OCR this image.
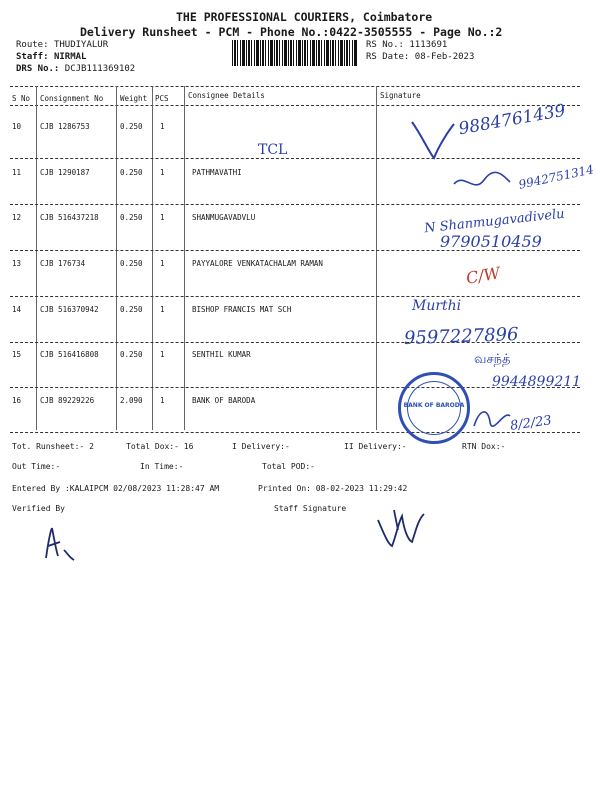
THE PROFESSIONAL COURIERS, Coimbatore
Delivery Runsheet - PCM - Phone No.:0422-3505555 - Page No.:2
Route: THUDIYALUR
Staff: NIRMAL
DRS No.: DCJB111369102
RS No.: 1113691
RS Date: 08-Feb-2023
S No Consignment No Weight PCS	Consignee Details	Signature
10	CJB 1286753	0.250 1
11	CJB 1290187	0.250 1	PATHMAVATHI
12	CJB 516437218	0.250 1	SHANMUGAVADVLU
13	CJB 176734	0.250 1	PAYYALORE VENKATACHALAM RAMAN
14	CJB 516370942	0.250 1	BISHOP FRANCIS MAT SCH
15	CJB 516416808	0.250 1	SENTHIL KUMAR
16	CJB 89229226	2.090 1	BANK OF BARODA
9884761439
TCL
9942751314
N Shanmugavadivelu
9790510459
C/W
Murthi
9597227896
வசந்த்
9944899211
8/2/23
BANK OF BARODA
Tot. Runsheet:- 2	Total Dox:- 16	I Delivery:-	II Delivery:-	RTN Dox:-
Out Time:-	In Time:-	Total POD:-
Entered By :KALAIPCM 02/08/2023 11:28:47 AM	Printed On: 08-02-2023 11:29:42
Verified By	Staff Signature
